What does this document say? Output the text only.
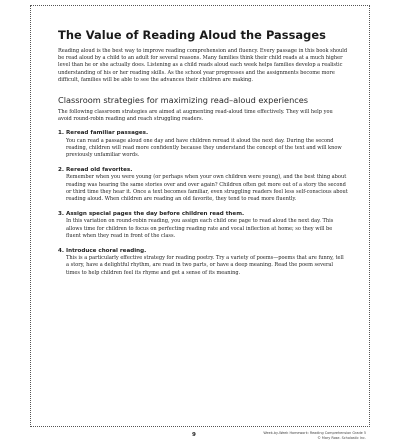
The Value of Reading Aloud the Passages

Reading aloud is the best way to improve reading comprehension and fluency. Every passage in this book should be read aloud by a child to an adult for several reasons. Many families think their child reads at a much higher level than he or she actually does. Listening as a child reads aloud each week helps families develop a realistic understanding of his or her reading skills. As the school year progresses and the assignments become more difficult, families will be able to see the advances their children are making.

Classroom strategies for maximizing read–aloud experiences

The following classroom strategies are aimed at augmenting read-aloud time effectively. They will help you avoid round-robin reading and reach struggling readers.

1. Reread familiar passages.

You can read a passage aloud one day and have children reread it aloud the next day. During the second reading, children will read more confidently because they understand the concept of the text and will know previously unfamiliar words.

2. Reread old favorites.

Remember when you were young (or perhaps when your own children were young), and the best thing about reading was hearing the same stories over and over again? Children often get more out of a story the second or third time they hear it. Once a text becomes familiar, even struggling readers feel less self-conscious about reading aloud. When children are reading an old favorite, they tend to read more fluently.

3. Assign special pages the day before children read them.

In this variation on round-robin reading, you assign each child one page to read aloud the next day. This allows time for children to focus on perfecting reading rate and vocal inflection at home; so they will be fluent when they read in front of the class.

4. Introduce choral reading.

This is a particularly effective strategy for reading poetry. Try a variety of poems—poems that are funny, tell a story, have a delightful rhythm, are read in two parts, or have a deep meaning. Read the poem several times to help children feel its rhyme and get a sense of its meaning.

9	Week-by-Week Homework: Reading Comprehension Grade 5
© Mary Rose. Scholastic Inc.
